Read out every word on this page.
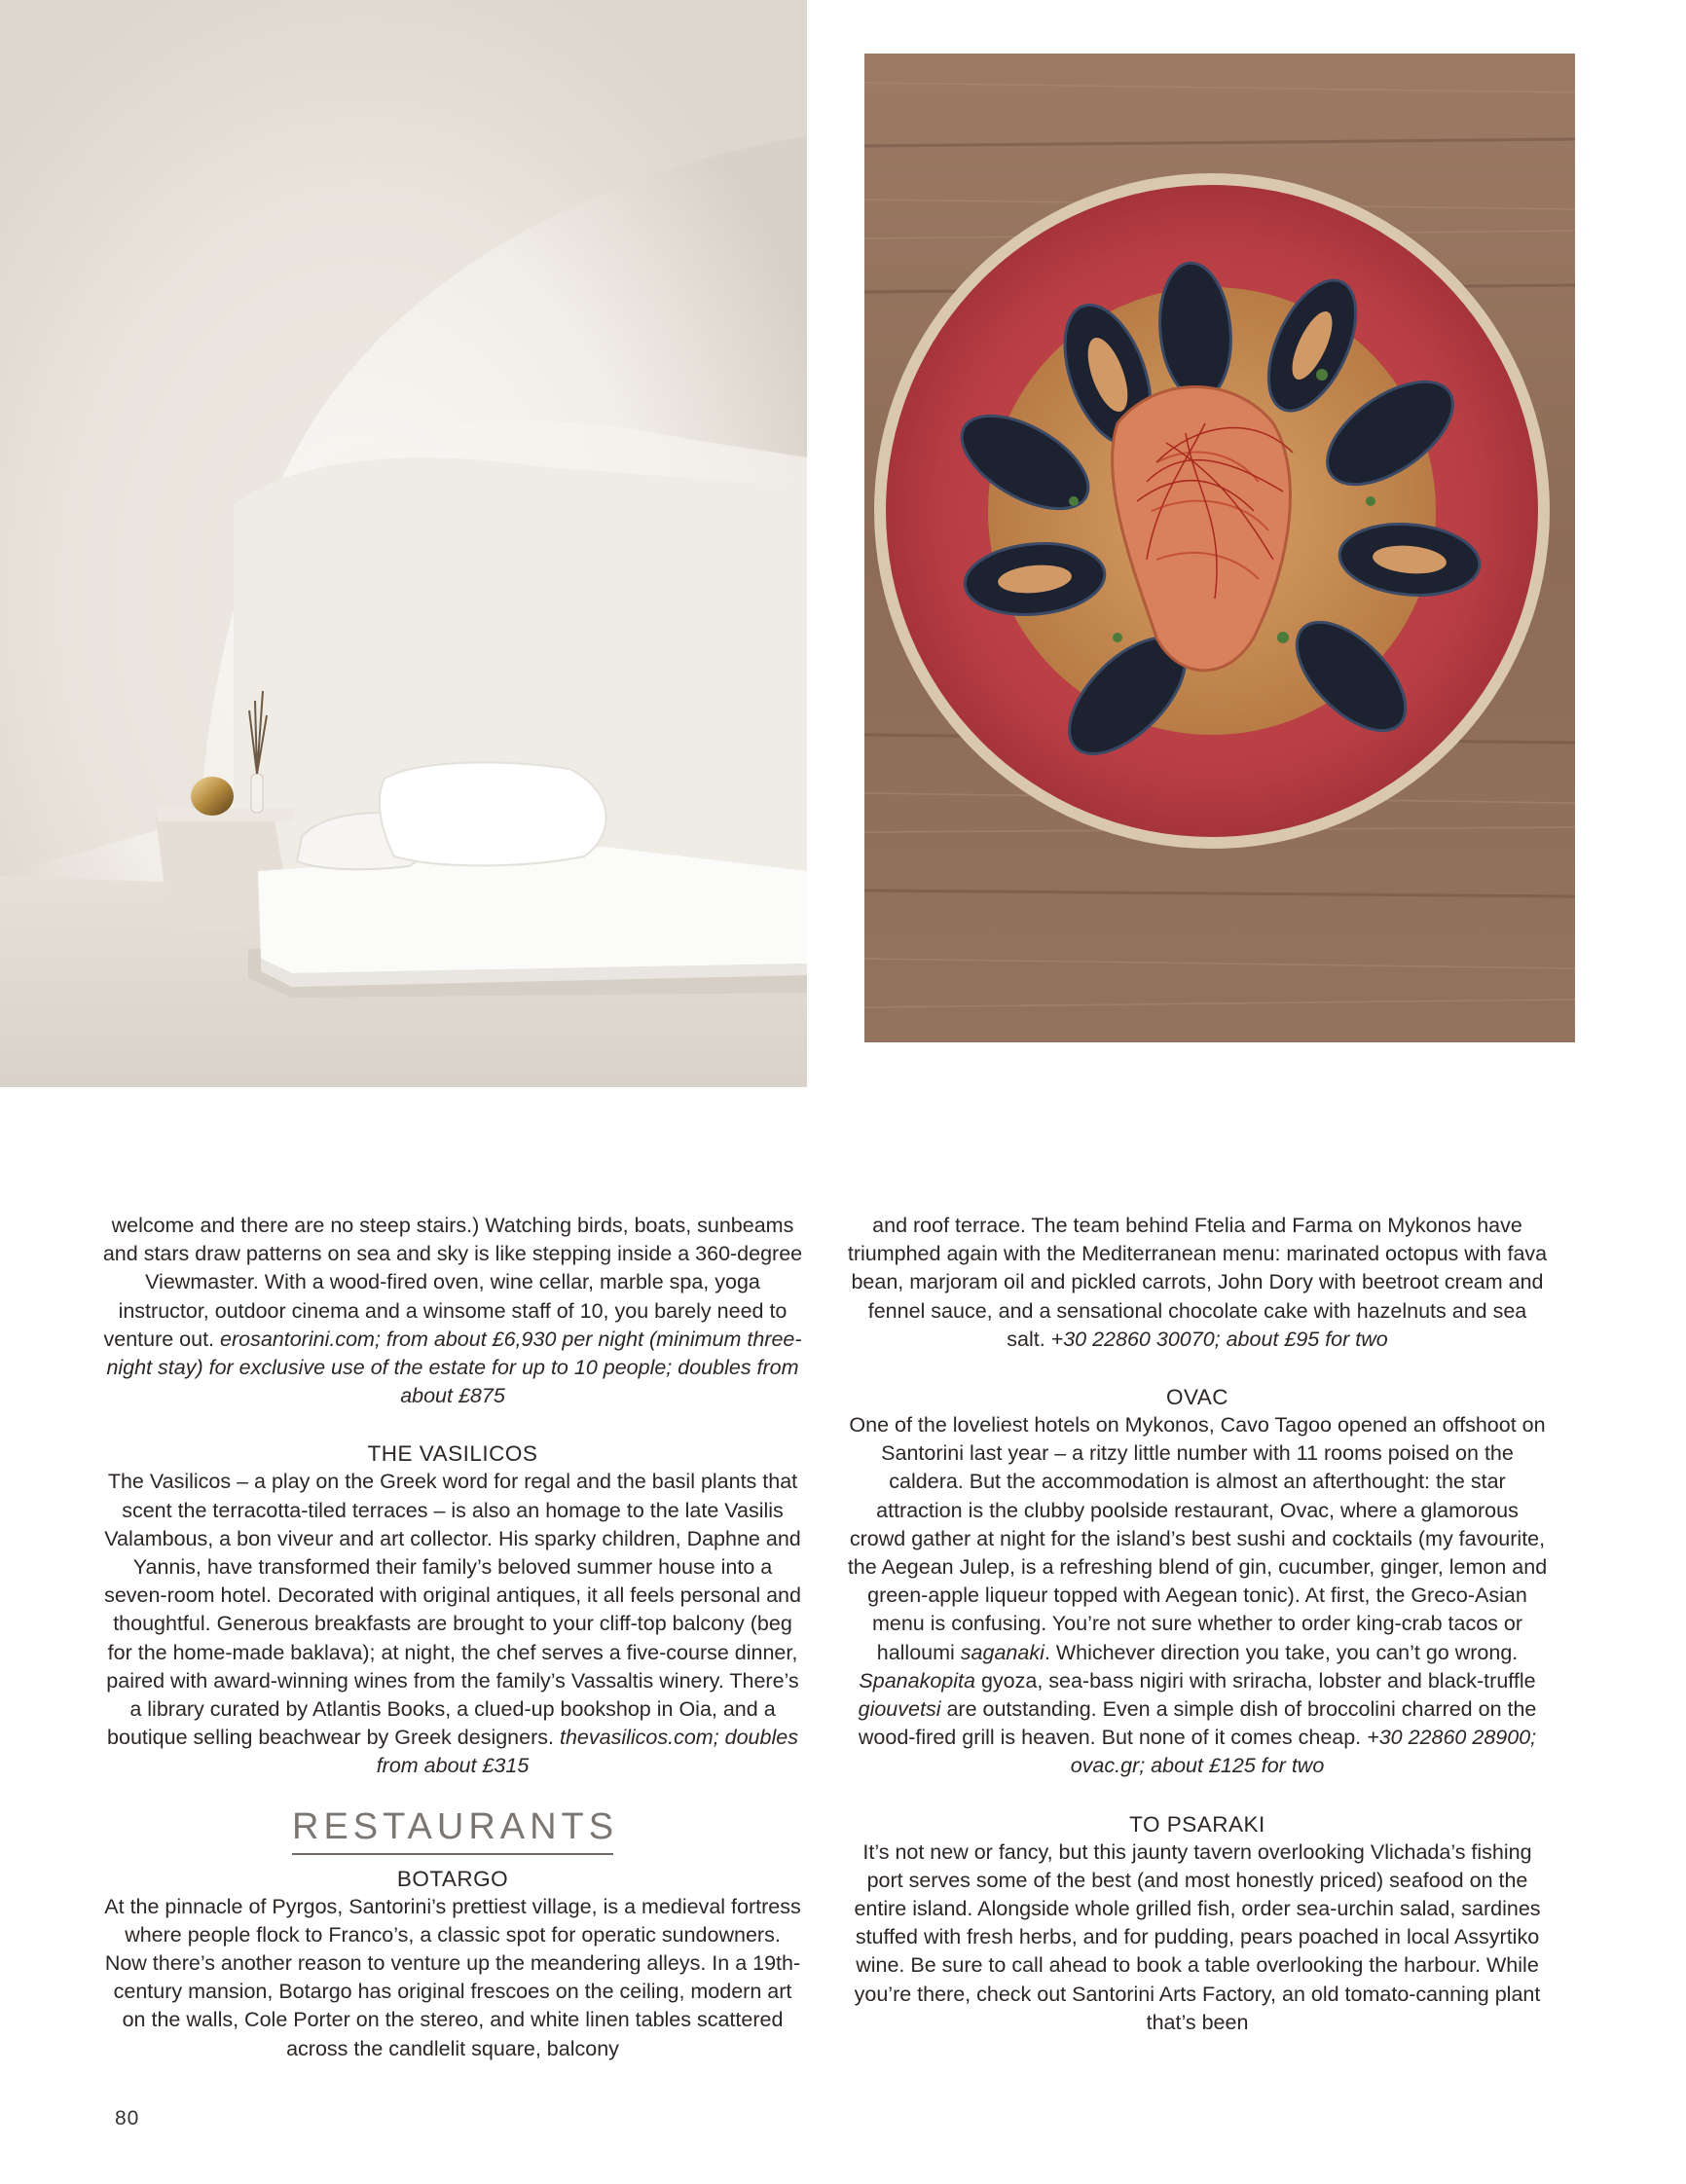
welcome and there are no steep stairs.) Watching birds, boats, sunbeams and stars draw patterns on sea and sky is like stepping inside a 360-degree Viewmaster. With a wood-fired oven, wine cellar, marble spa, yoga instructor, outdoor cinema and a winsome staff of 10, you barely need to venture out. erosantorini.com; from about £6,930 per night (minimum three-night stay) for exclusive use of the estate for up to 10 people; doubles from about £875

THE VASILICOS

The Vasilicos – a play on the Greek word for regal and the basil plants that scent the terracotta-tiled terraces – is also an homage to the late Vasilis Valambous, a bon viveur and art collector. His sparky children, Daphne and Yannis, have transformed their family’s beloved summer house into a seven-room hotel. Decorated with original antiques, it all feels personal and thoughtful. Generous breakfasts are brought to your cliff-top balcony (beg for the home-made baklava); at night, the chef serves a five-course dinner, paired with award-winning wines from the family’s Vassaltis winery. There’s a library curated by Atlantis Books, a clued-up bookshop in Oia, and a boutique selling beachwear by Greek designers. thevasilicos.com; doubles from about £315

RESTAURANTS
BOTARGO

At the pinnacle of Pyrgos, Santorini’s prettiest village, is a medieval fortress where people flock to Franco’s, a classic spot for operatic sundowners. Now there’s another reason to venture up the meandering alleys. In a 19th-century mansion, Botargo has original frescoes on the ceiling, modern art on the walls, Cole Porter on the stereo, and white linen tables scattered across the candlelit square, balcony

and roof terrace. The team behind Ftelia and Farma on Mykonos have triumphed again with the Mediterranean menu: marinated octopus with fava bean, marjoram oil and pickled carrots, John Dory with beetroot cream and fennel sauce, and a sensational chocolate cake with hazelnuts and sea salt. +30 22860 30070; about £95 for two

OVAC

One of the loveliest hotels on Mykonos, Cavo Tagoo opened an offshoot on Santorini last year – a ritzy little number with 11 rooms poised on the caldera. But the accommodation is almost an afterthought: the star attraction is the clubby poolside restaurant, Ovac, where a glamorous crowd gather at night for the island’s best sushi and cocktails (my favourite, the Aegean Julep, is a refreshing blend of gin, cucumber, ginger, lemon and green-apple liqueur topped with Aegean tonic). At first, the Greco-Asian menu is confusing. You’re not sure whether to order king-crab tacos or halloumi saganaki. Whichever direction you take, you can’t go wrong. Spanakopita gyoza, sea-bass nigiri with sriracha, lobster and black-truffle giouvetsi are outstanding. Even a simple dish of broccolini charred on the wood-fired grill is heaven. But none of it comes cheap. +30 22860 28900; ovac.gr; about £125 for two

TO PSARAKI

It’s not new or fancy, but this jaunty tavern overlooking Vlichada’s fishing port serves some of the best (and most honestly priced) seafood on the entire island. Alongside whole grilled fish, order sea-urchin salad, sardines stuffed with fresh herbs, and for pudding, pears poached in local Assyrtiko wine. Be sure to call ahead to book a table overlooking the harbour. While you’re there, check out Santorini Arts Factory, an old tomato-canning plant that’s been

80
